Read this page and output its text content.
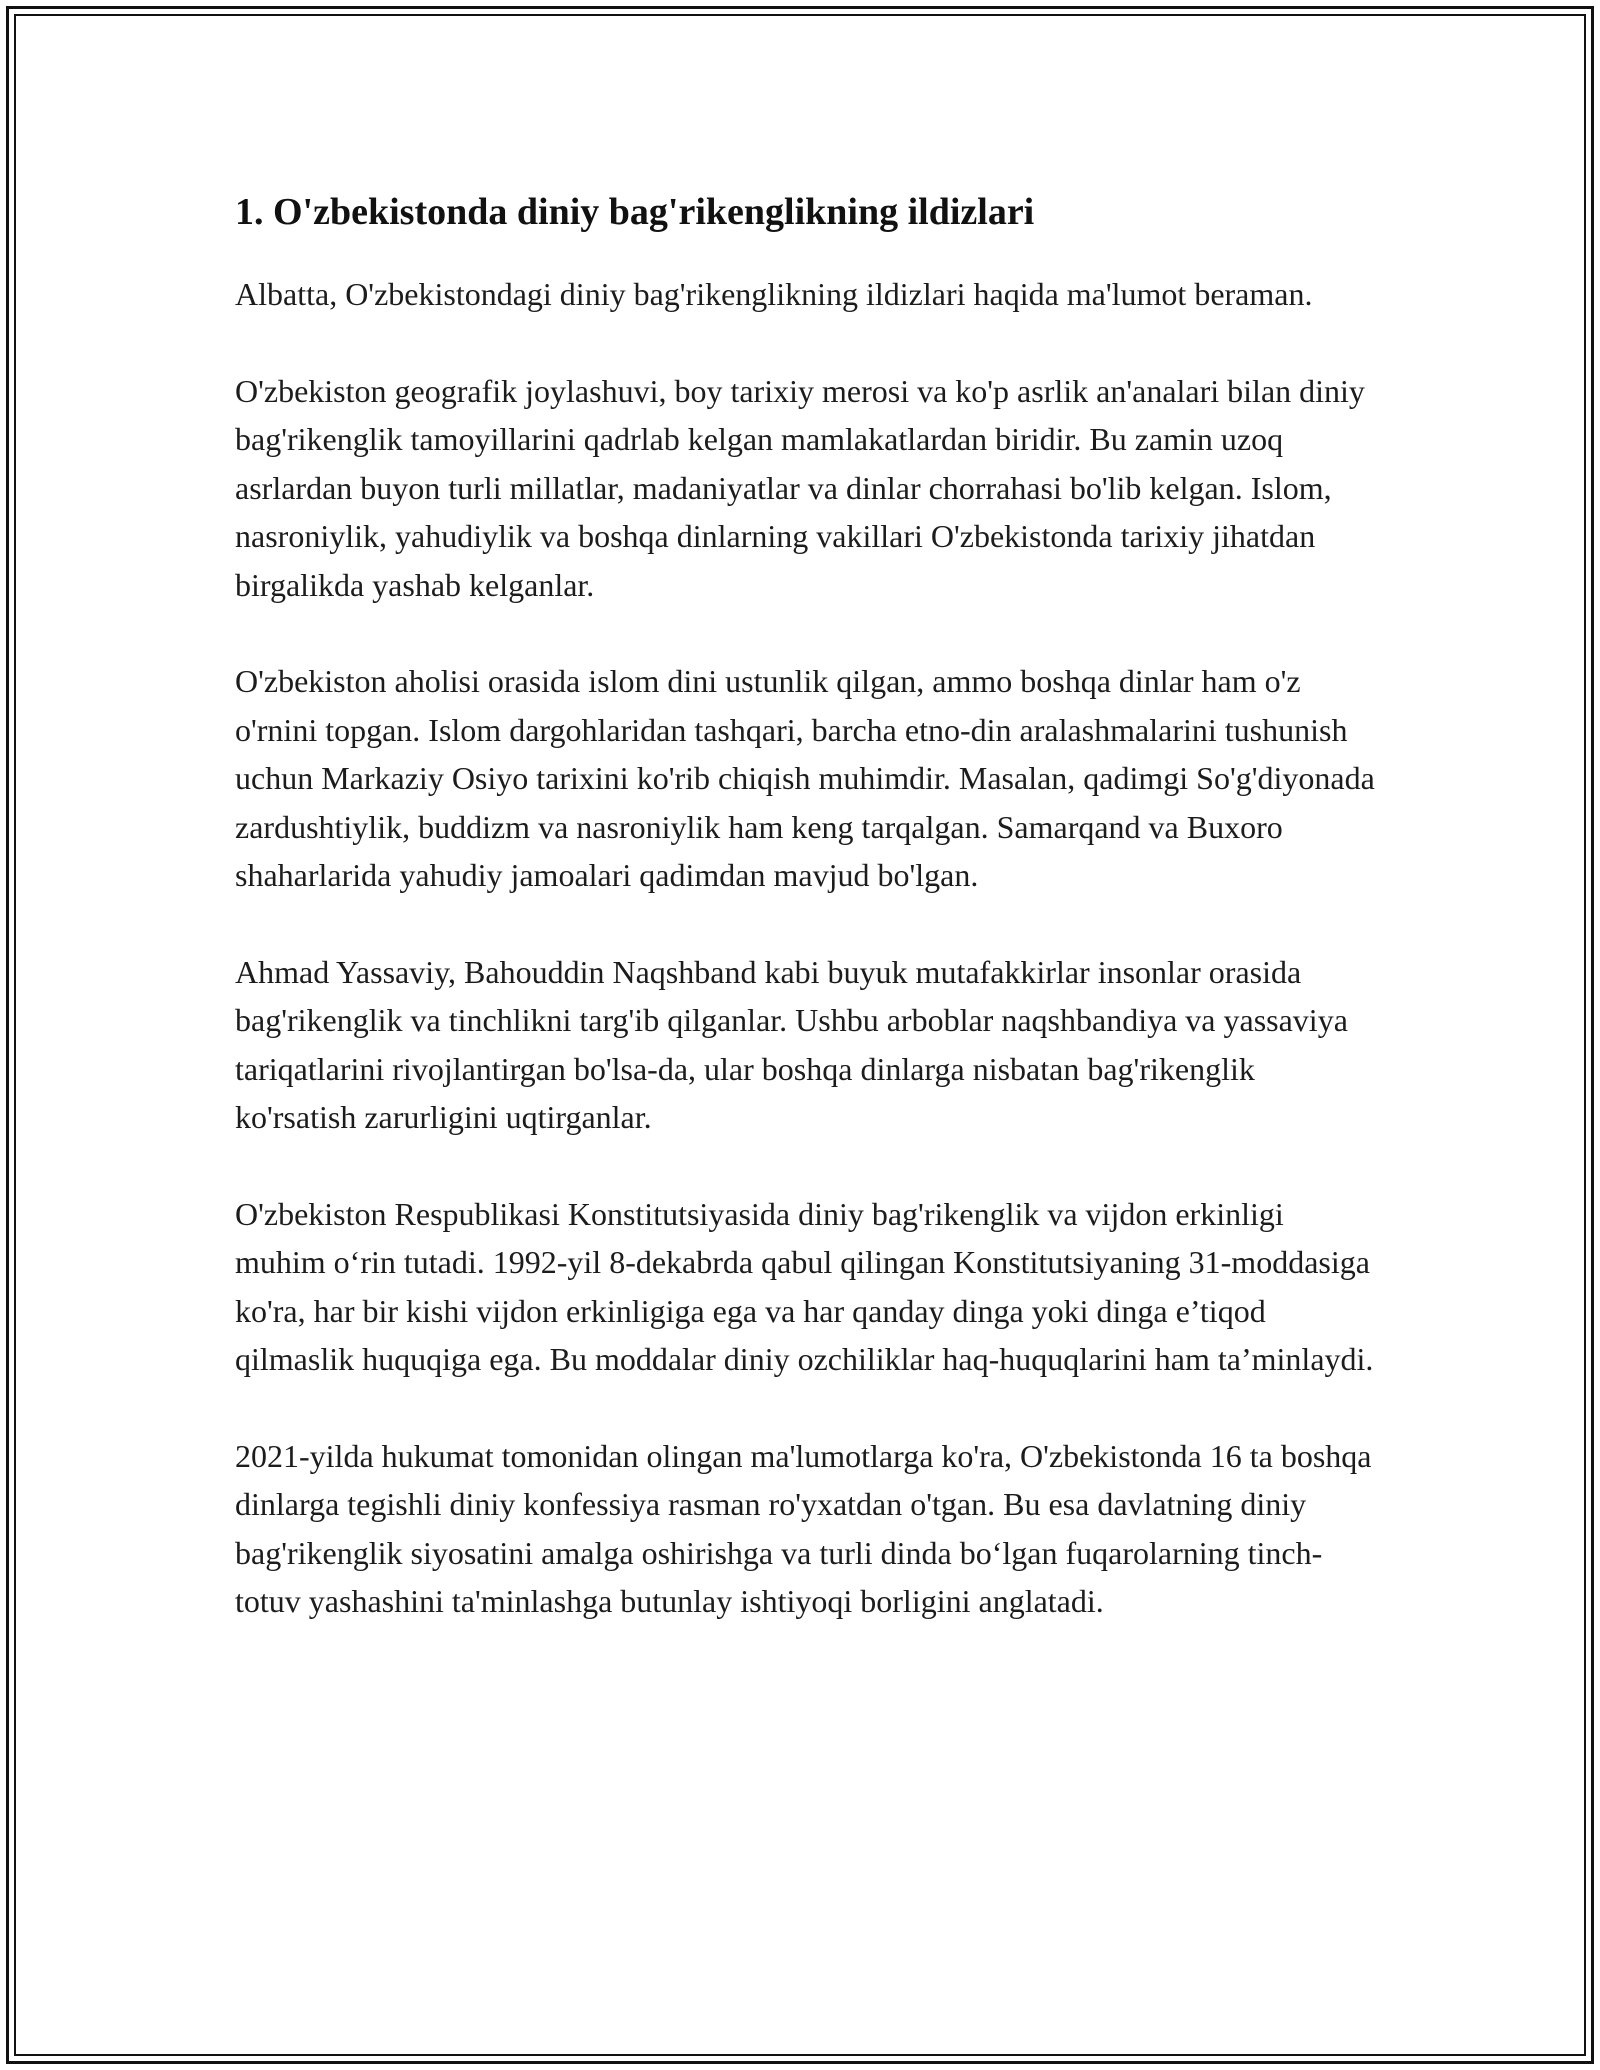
1. O'zbekistonda diniy bag'rikenglikning ildizlari

Albatta, O'zbekistondagi diniy bag'rikenglikning ildizlari haqida ma'lumot beraman.

O'zbekiston geografik joylashuvi, boy tarixiy merosi va ko'p asrlik an'analari bilan diniy bag'rikenglik tamoyillarini qadrlab kelgan mamlakatlardan biridir. Bu zamin uzoq asrlardan buyon turli millatlar, madaniyatlar va dinlar chorrahasi bo'lib kelgan. Islom, nasroniylik, yahudiylik va boshqa dinlarning vakillari O'zbekistonda tarixiy jihatdan birgalikda yashab kelganlar.

O'zbekiston aholisi orasida islom dini ustunlik qilgan, ammo boshqa dinlar ham o'z o'rnini topgan. Islom dargohlaridan tashqari, barcha etno-din aralashmalarini tushunish uchun Markaziy Osiyo tarixini ko'rib chiqish muhimdir. Masalan, qadimgi So'g'diyonada zardushtiylik, buddizm va nasroniylik ham keng tarqalgan. Samarqand va Buxoro shaharlarida yahudiy jamoalari qadimdan mavjud bo'lgan.

Ahmad Yassaviy, Bahouddin Naqshband kabi buyuk mutafakkirlar insonlar orasida bag'rikenglik va tinchlikni targ'ib qilganlar. Ushbu arboblar naqshbandiya va yassaviya tariqatlarini rivojlantirgan bo'lsa-da, ular boshqa dinlarga nisbatan bag'rikenglik ko'rsatish zarurligini uqtirganlar.

O'zbekiston Respublikasi Konstitutsiyasida diniy bag'rikenglik va vijdon erkinligi muhim o‘rin tutadi. 1992-yil 8-dekabrda qabul qilingan Konstitutsiyaning 31-moddasiga ko'ra, har bir kishi vijdon erkinligiga ega va har qanday dinga yoki dinga e’tiqod qilmaslik huquqiga ega. Bu moddalar diniy ozchiliklar haq-huquqlarini ham ta’minlaydi.

2021-yilda hukumat tomonidan olingan ma'lumotlarga ko'ra, O'zbekistonda 16 ta boshqa dinlarga tegishli diniy konfessiya rasman ro'yxatdan o'tgan. Bu esa davlatning diniy bag'rikenglik siyosatini amalga oshirishga va turli dinda bo‘lgan fuqarolarning tinch-totuv yashashini ta'minlashga butunlay ishtiyoqi borligini anglatadi.
